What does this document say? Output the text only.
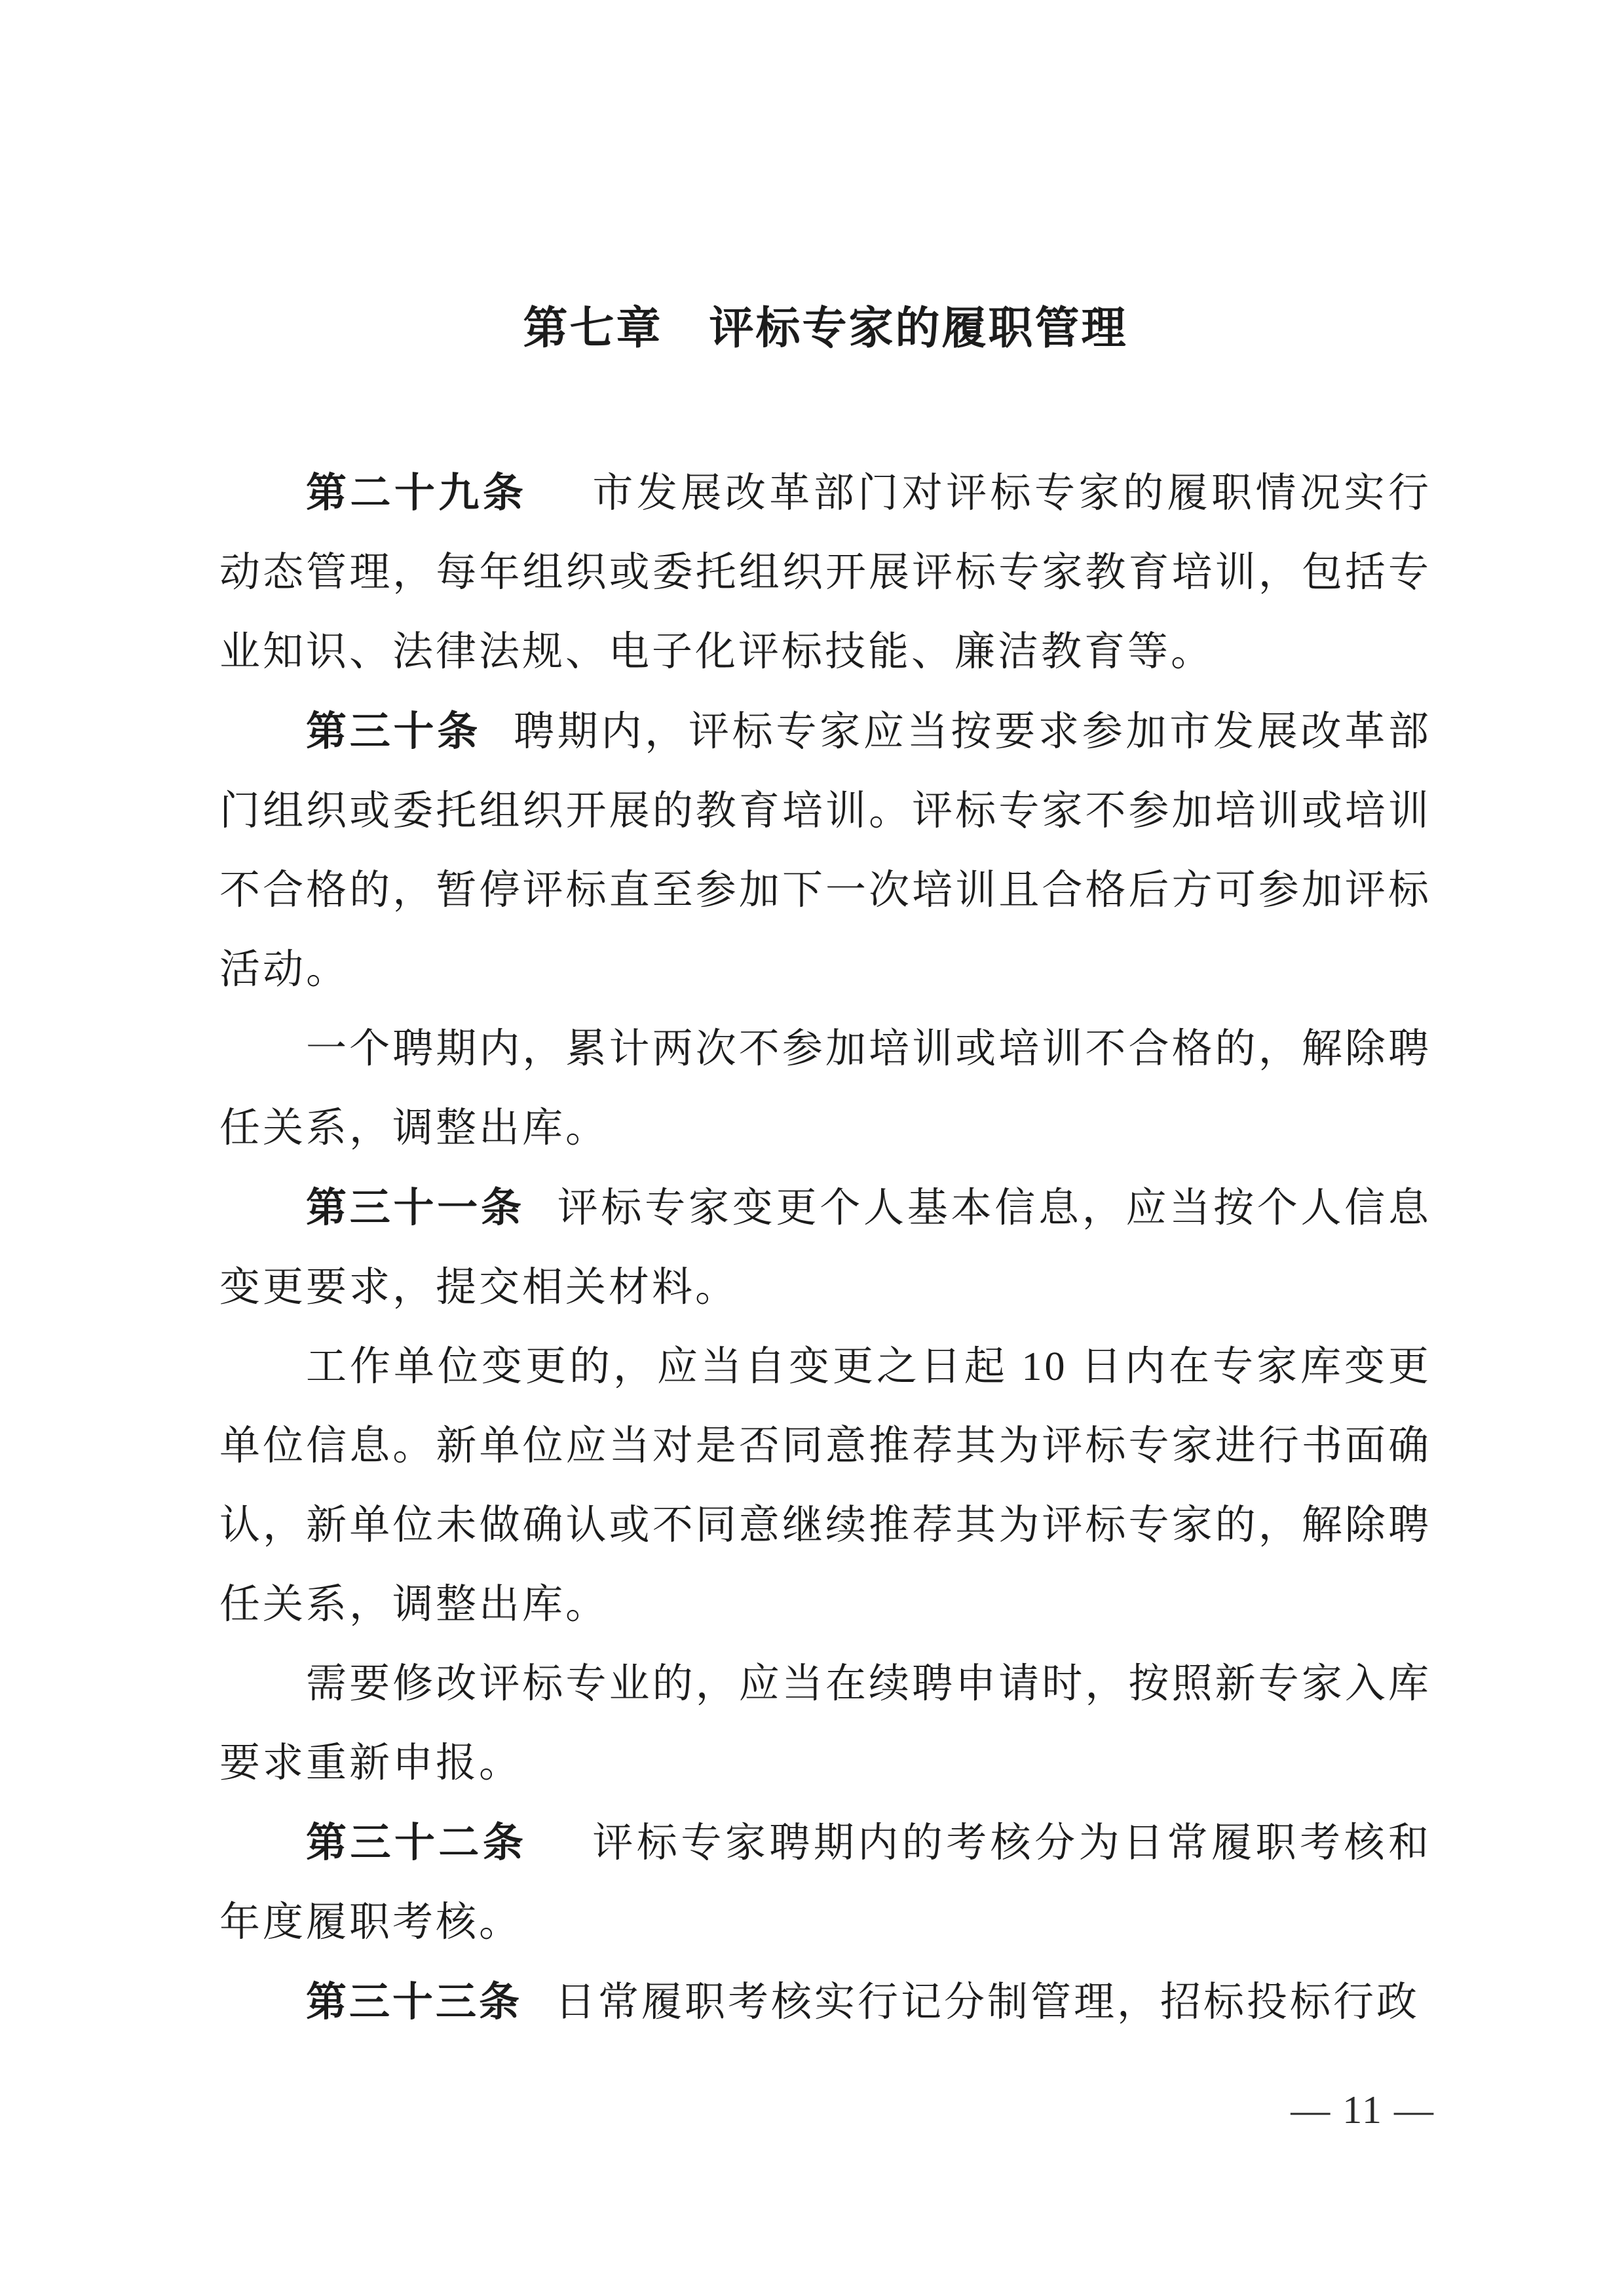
第七章　评标专家的履职管理

第二十九条 市发展改革部门对评标专家的履职情况实行动态管理，每年组织或委托组织开展评标专家教育培训，包括专业知识、法律法规、电子化评标技能、廉洁教育等。

第三十条 聘期内，评标专家应当按要求参加市发展改革部门组织或委托组织开展的教育培训。评标专家不参加培训或培训不合格的，暂停评标直至参加下一次培训且合格后方可参加评标活动。

一个聘期内，累计两次不参加培训或培训不合格的，解除聘任关系，调整出库。

第三十一条 评标专家变更个人基本信息，应当按个人信息变更要求，提交相关材料。

工作单位变更的，应当自变更之日起 10 日内在专家库变更单位信息。新单位应当对是否同意推荐其为评标专家进行书面确认，新单位未做确认或不同意继续推荐其为评标专家的，解除聘任关系，调整出库。

需要修改评标专业的，应当在续聘申请时，按照新专家入库要求重新申报。

第三十二条 评标专家聘期内的考核分为日常履职考核和年度履职考核。

第三十三条 日常履职考核实行记分制管理，招标投标行政

— 11 —
